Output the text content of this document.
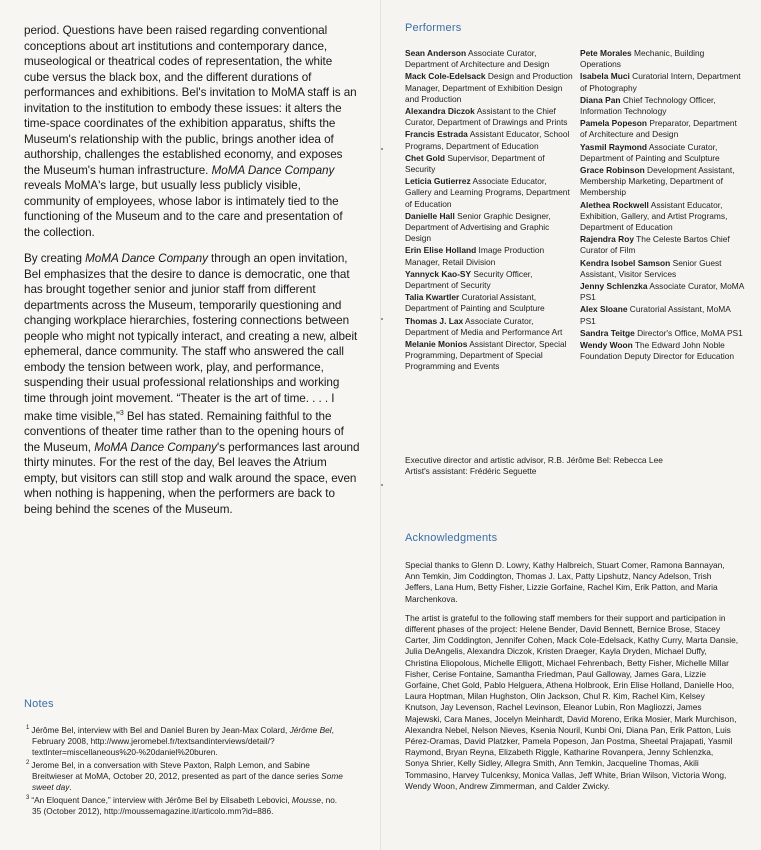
period. Questions have been raised regarding conventional conceptions about art institutions and contemporary dance, museological or theatrical codes of representation, the white cube versus the black box, and the different durations of performances and exhibitions. Bel's invitation to MoMA staff is an invitation to the institution to embody these issues: it alters the time-space coordinates of the exhibition apparatus, shifts the Museum's relationship with the public, brings another idea of authorship, challenges the established economy, and exposes the Museum's human infrastructure. MoMA Dance Company reveals MoMA's large, but usually less publicly visible, community of employees, whose labor is intimately tied to the functioning of the Museum and to the care and presentation of the collection.

By creating MoMA Dance Company through an open invitation, Bel emphasizes that the desire to dance is democratic, one that has brought together senior and junior staff from different departments across the Museum, temporarily questioning and changing workplace hierarchies, fostering connections between people who might not typically interact, and creating a new, albeit ephemeral, dance community. The staff who answered the call embody the tension between work, play, and performance, suspending their usual professional relationships and working time through joint movement. “Theater is the art of time. . . . I make time visible,”$^3$ Bel has stated. Remaining faithful to the conventions of theater time rather than to the opening hours of the Museum, MoMA Dance Company's performances last around thirty minutes. For the rest of the day, Bel leaves the Atrium empty, but visitors can still stop and walk around the space, even when nothing is happening, when the performers are back to being behind the scenes of the Museum.

Notes
$^1$ Jérôme Bel, interview with Bel and Daniel Buren by Jean-Max Colard, Jérôme Bel, February 2008, http://www.jeromebel.fr/textsandinterviews/detail/?textInter=miscellaneous%20-%20daniel%20buren.
$^2$ Jerome Bel, in a conversation with Steve Paxton, Ralph Lemon, and Sabine Breitwieser at MoMA, October 20, 2012, presented as part of the dance series Some sweet day.
$^3$ “An Eloquent Dance,” interview with Jérôme Bel by Elisabeth Lebovici, Mousse, no. 35 (October 2012), http://moussemagazine.it/articolo.mm?id=886.
Performers
Sean Anderson Associate Curator, Department of Architecture and Design
Mack Cole-Edelsack Design and Production Manager, Department of Exhibition Design and Production
Alexandra Diczok Assistant to the Chief Curator, Department of Drawings and Prints
Francis Estrada Assistant Educator, School Programs, Department of Education
Chet Gold Supervisor, Department of Security
Leticia Gutierrez Associate Educator, Gallery and Learning Programs, Department of Education
Danielle Hall Senior Graphic Designer, Department of Advertising and Graphic Design
Erin Elise Holland Image Production Manager, Retail Division
Yannyck Kao-SY Security Officer, Department of Security
Talia Kwartler Curatorial Assistant, Department of Painting and Sculpture
Thomas J. Lax Associate Curator, Department of Media and Performance Art
Melanie Monios Assistant Director, Special Programming, Department of Special Programming and Events
Pete Morales Mechanic, Building Operations
Isabela Muci Curatorial Intern, Department of Photography
Diana Pan Chief Technology Officer, Information Technology
Pamela Popeson Preparator, Department of Architecture and Design
Yasmil Raymond Associate Curator, Department of Painting and Sculpture
Grace Robinson Development Assistant, Membership Marketing, Department of Membership
Alethea Rockwell Assistant Educator, Exhibition, Gallery, and Artist Programs, Department of Education
Rajendra Roy The Celeste Bartos Chief Curator of Film
Kendra Isobel Samson Senior Guest Assistant, Visitor Services
Jenny Schlenzka Associate Curator, MoMA PS1
Alex Sloane Curatorial Assistant, MoMA PS1
Sandra Teitge Director's Office, MoMA PS1
Wendy Woon The Edward John Noble Foundation Deputy Director for Education
Executive director and artistic advisor, R.B. Jérôme Bel: Rebecca Lee
Artist's assistant: Frédéric Seguette
Acknowledgments

Special thanks to Glenn D. Lowry, Kathy Halbreich, Stuart Comer, Ramona Bannayan, Ann Temkin, Jim Coddington, Thomas J. Lax, Patty Lipshutz, Nancy Adelson, Trish Jeffers, Lana Hum, Betty Fisher, Lizzie Gorfaine, Rachel Kim, Erik Patton, and Maria Marchenkova.

The artist is grateful to the following staff members for their support and participation in different phases of the project: Helene Bender, David Bennett, Bernice Brose, Stacey Carter, Jim Coddington, Jennifer Cohen, Mack Cole-Edelsack, Kathy Curry, Marta Dansie, Julia DeAngelis, Alexandra Diczok, Kristen Draeger, Kayla Dryden, Michael Duffy, Christina Eliopolous, Michelle Elligott, Michael Fehrenbach, Betty Fisher, Michelle Millar Fisher, Cerise Fontaine, Samantha Friedman, Paul Galloway, James Gara, Lizzie Gorfaine, Chet Gold, Pablo Helguera, Athena Holbrook, Erin Elise Holland, Danielle Hoo, Laura Hoptman, Milan Hughston, Olin Jackson, Chul R. Kim, Rachel Kim, Kelsey Knutson, Jay Levenson, Rachel Levinson, Eleanor Lubin, Ron Magliozzi, James Majewski, Cara Manes, Jocelyn Meinhardt, David Moreno, Erika Mosier, Mark Murchison, Alexandra Nebel, Nelson Nieves, Ksenia Nouril, Kunbi Oni, Diana Pan, Erik Patton, Luis Pérez-Oramas, David Platzker, Pamela Popeson, Jan Postma, Sheetal Prajapati, Yasmil Raymond, Bryan Reyna, Elizabeth Riggle, Katharine Rovanpera, Jenny Schlenzka, Sonya Shrier, Kelly Sidley, Allegra Smith, Ann Temkin, Jacqueline Thomas, Akili Tommasino, Harvey Tulcenksy, Monica Vallas, Jeff White, Brian Wilson, Victoria Wong, Wendy Woon, Andrew Zimmerman, and Calder Zwicky.
